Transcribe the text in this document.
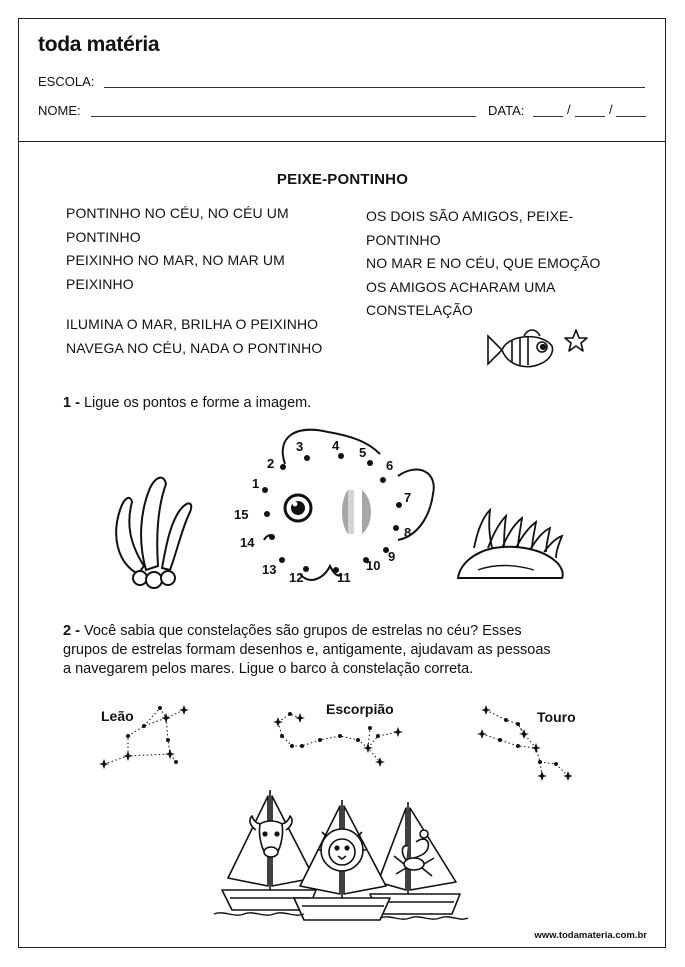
toda matéria
ESCOLA:
NOME:	DATA:	/	/
PEIXE-PONTINHO
PONTINHO NO CÉU, NO CÉU UM
PONTINHO
PEIXINHO NO MAR, NO MAR UM
PEIXINHO
ILUMINA O MAR, BRILHA O PEIXINHO
NAVEGA NO CÉU, NADA O PONTINHO
OS DOIS SÃO AMIGOS, PEIXE-
PONTINHO
NO MAR E NO CÉU, QUE EMOÇÃO
OS AMIGOS ACHARAM UMA
CONSTELAÇÃO
1 - Ligue os pontos e forme a imagem.
1
2
3 4 5
6
7
8
9
10
11
12
13
14
15
2 - Você sabia que constelações são grupos de estrelas no céu? Esses
grupos de estrelas formam desenhos e, antigamente, ajudavam as pessoas
a navegarem pelos mares. Ligue o barco à constelação correta.
Leão	Escorpião	Touro
www.todamateria.com.br
